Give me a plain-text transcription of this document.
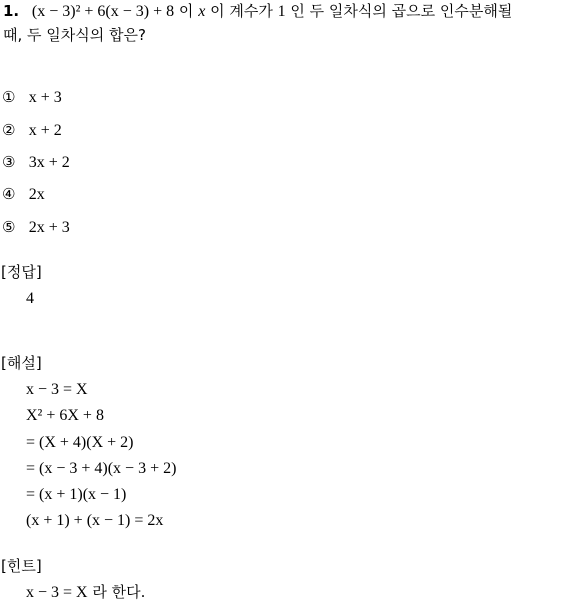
1. (x − 3)² + 6(x − 3) + 8 이 x 이 계수가 1 인 두 일차식의 곱으로 인수분해될
때, 두 일차식의 합은?
① x + 3
② x + 2
③ 3x + 2
④ 2x
⑤ 2x + 3
[정답]
4
[해설]
x − 3 = X
X² + 6X + 8
= (X + 4)(X + 2)
= (x − 3 + 4)(x − 3 + 2)
= (x + 1)(x − 1)
(x + 1) + (x − 1) = 2x
[힌트]
x − 3 = X 라 한다.
